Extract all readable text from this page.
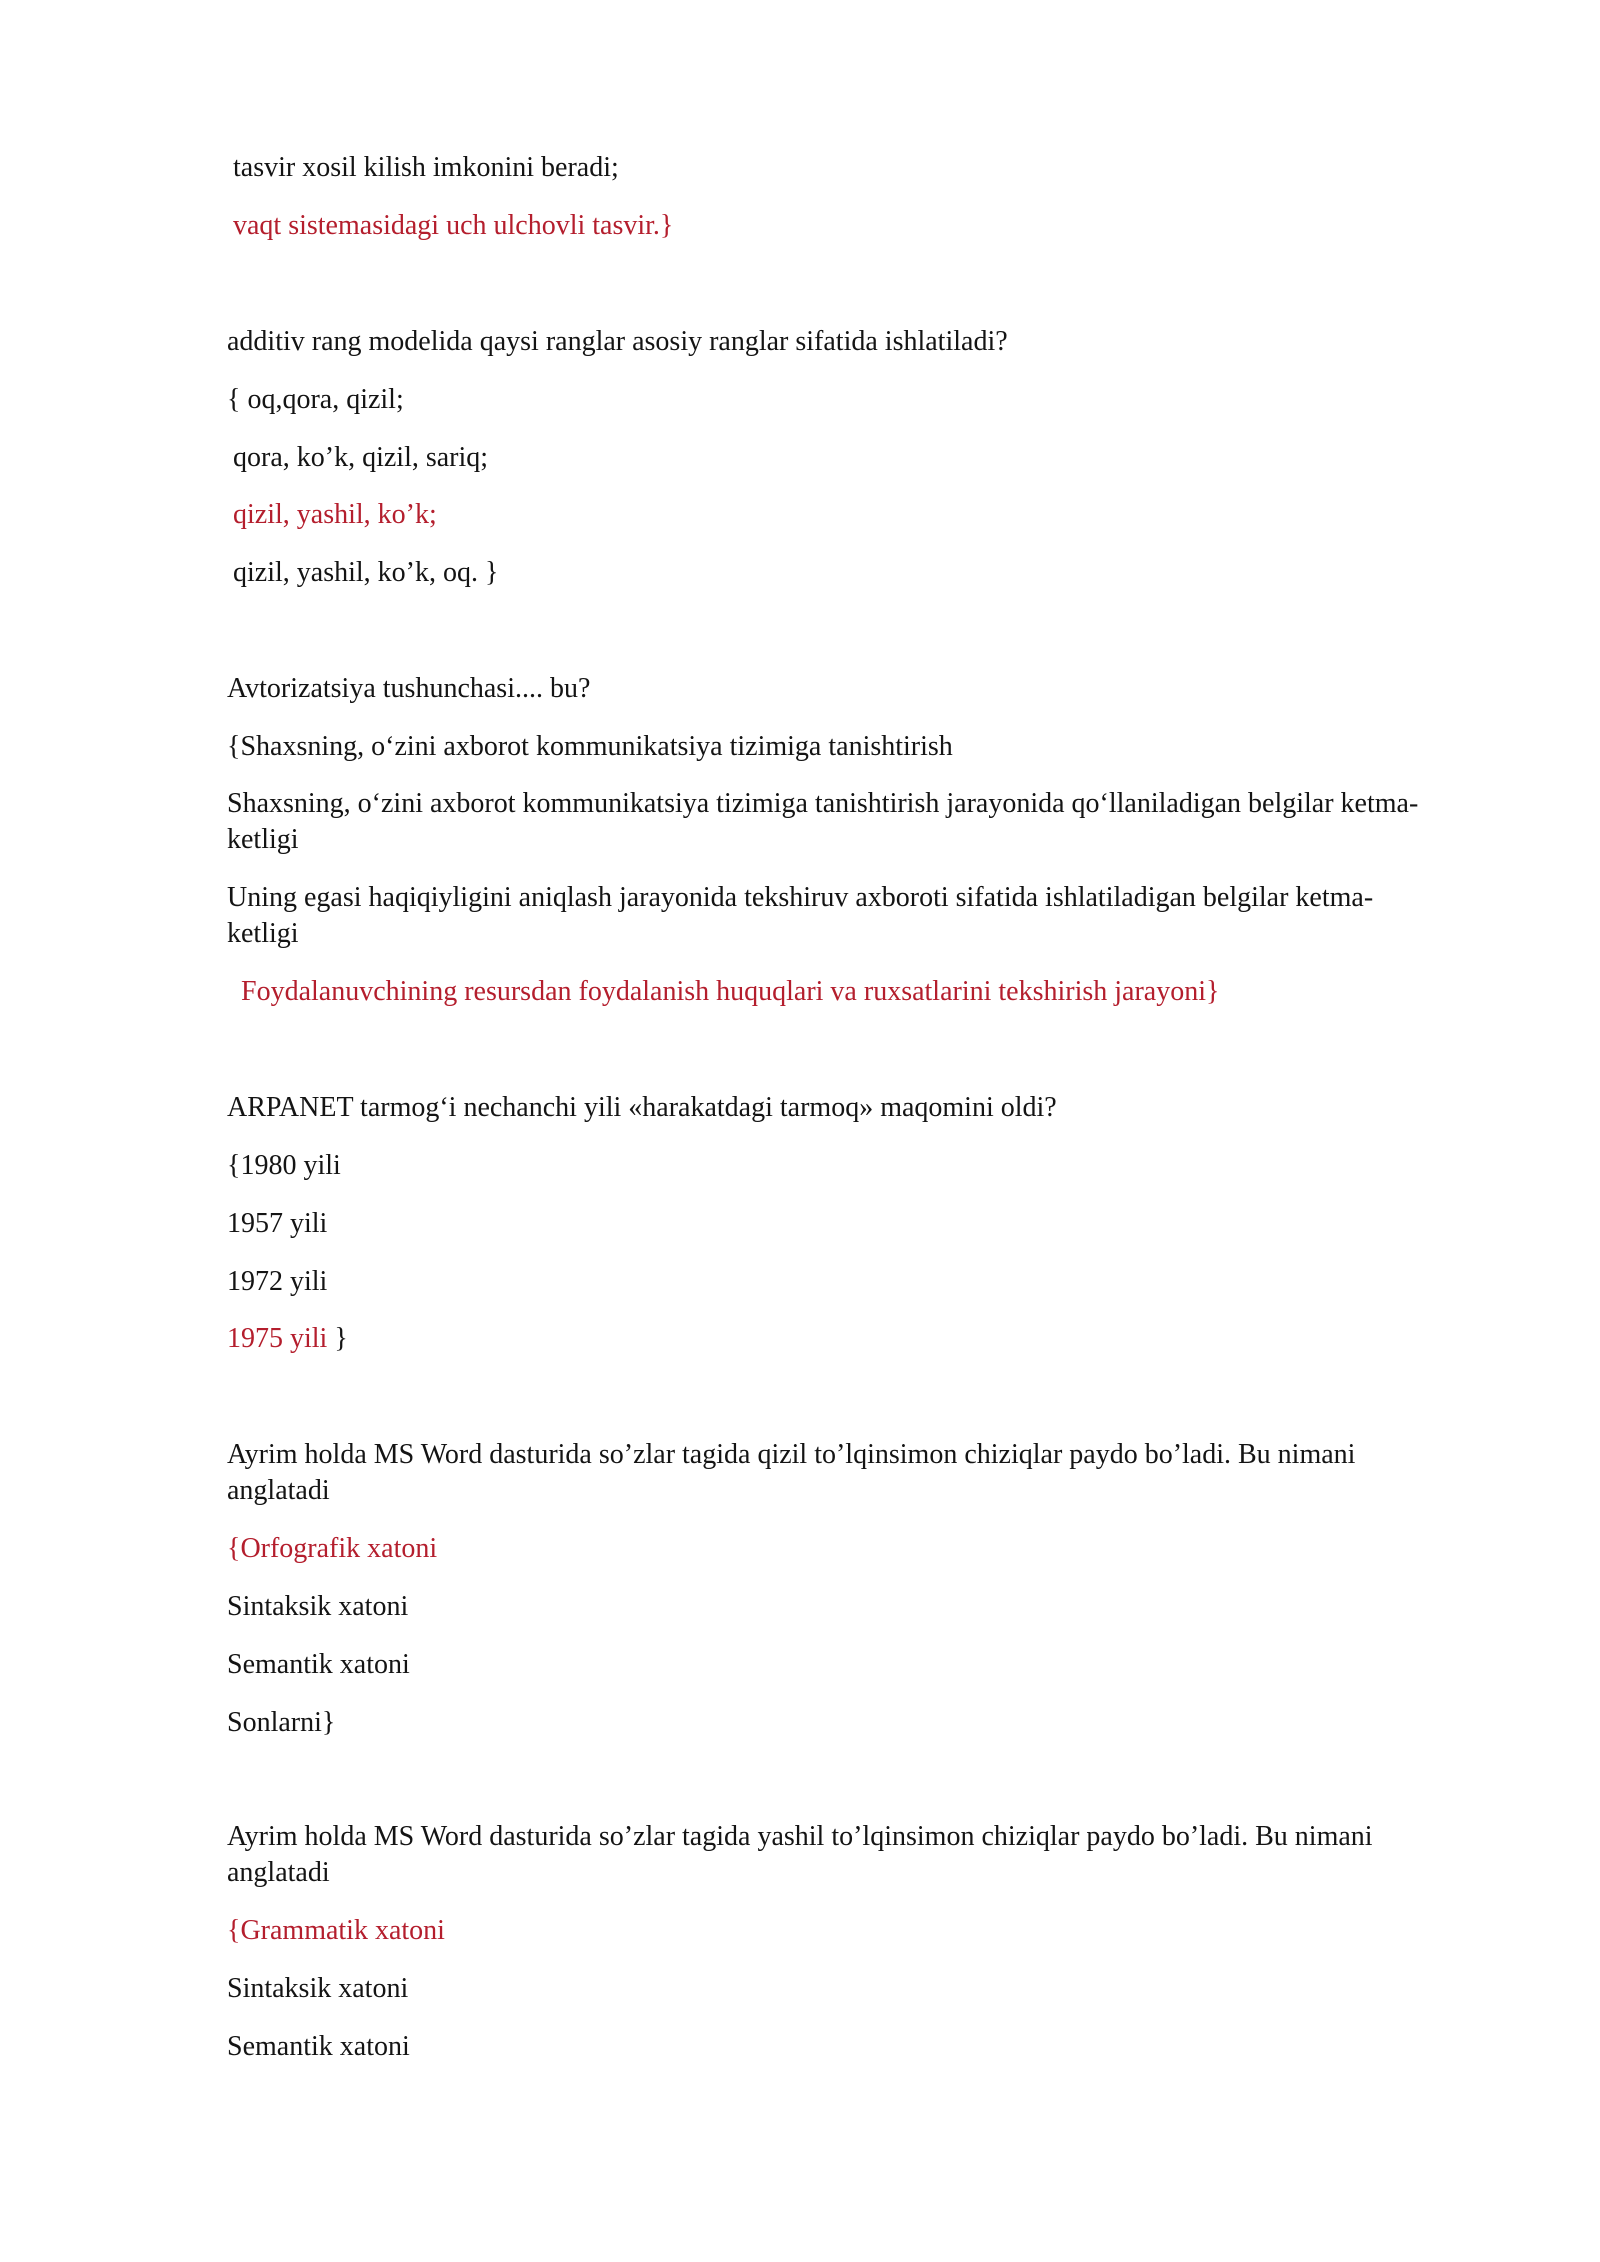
tasvir xosil kilish imkonini beradi;

vaqt sistemasidagi uch ulchovli tasvir.}

additiv rang modelida qaysi ranglar asosiy ranglar sifatida ishlatiladi?

{ oq,qora, qizil;

qora, ko’k, qizil, sariq;

qizil, yashil, ko’k;

qizil, yashil, ko’k, oq. }

Avtorizatsiya tushunchasi.... bu?

{Shaxsning, o‘zini axborot kommunikatsiya tizimiga tanishtirish

Shaxsning, o‘zini axborot kommunikatsiya tizimiga tanishtirish jarayonida qo‘llaniladigan belgilar ketma-ketligi

Uning egasi haqiqiyligini aniqlash jarayonida tekshiruv axboroti sifatida ishlatiladigan belgilar ketma-ketligi

Foydalanuvchining resursdan foydalanish huquqlari va ruxsatlarini tekshirish jarayoni}

ARPANET tarmog‘i nechanchi yili «harakatdagi tarmoq» maqomini oldi?

{1980 yili

1957 yili

1972 yili

1975 yili }

Ayrim holda MS Word dasturida so’zlar tagida qizil to’lqinsimon chiziqlar paydo bo’ladi. Bu nimani anglatadi

{Orfografik xatoni

Sintaksik xatoni

Semantik xatoni

Sonlarni}

Ayrim holda MS Word dasturida so’zlar tagida yashil to’lqinsimon chiziqlar paydo bo’ladi. Bu nimani anglatadi

{Grammatik xatoni

Sintaksik xatoni

Semantik xatoni
